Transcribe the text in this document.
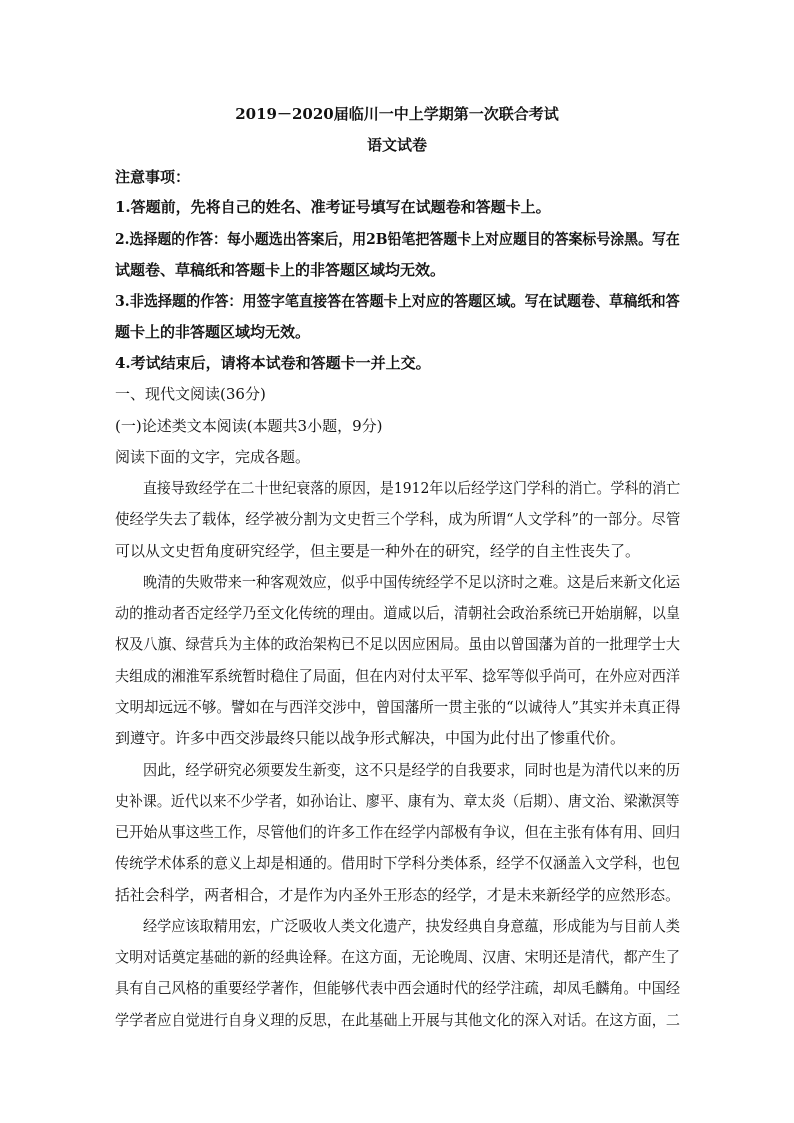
2019－2020届临川一中上学期第一次联合考试
语文试卷
注意事项：
1.答题前，先将自己的姓名、准考证号填写在试题卷和答题卡上。
2.选择题的作答：每小题选出答案后，用2B铅笔把答题卡上对应题目的答案标号涂黑。写在
试题卷、草稿纸和答题卡上的非答题区域均无效。
3.非选择题的作答：用签字笔直接答在答题卡上对应的答题区域。写在试题卷、草稿纸和答
题卡上的非答题区域均无效。
4.考试结束后，请将本试卷和答题卡一并上交。
一、现代文阅读(36分)
(一)论述类文本阅读(本题共3小题，9分)
阅读下面的文字，完成各题。
直接导致经学在二十世纪衰落的原因，是1912年以后经学这门学科的消亡。学科的消亡
使经学失去了载体，经学被分割为文史哲三个学科，成为所谓“人文学科”的一部分。尽管
可以从文史哲角度研究经学，但主要是一种外在的研究，经学的自主性丧失了。
晚清的失败带来一种客观效应，似乎中国传统经学不足以济时之难。这是后来新文化运
动的推动者否定经学乃至文化传统的理由。道咸以后，清朝社会政治系统已开始崩解，以皇
权及八旗、绿营兵为主体的政治架构已不足以因应困局。虽由以曾国藩为首的一批理学士大
夫组成的湘淮军系统暂时稳住了局面，但在内对付太平军、捻军等似乎尚可，在外应对西洋
文明却远远不够。譬如在与西洋交涉中，曾国藩所一贯主张的“以诚待人”其实并未真正得
到遵守。许多中西交涉最终只能以战争形式解决，中国为此付出了惨重代价。
因此，经学研究必须要发生新变，这不只是经学的自我要求，同时也是为清代以来的历
史补课。近代以来不少学者，如孙诒让、廖平、康有为、章太炎（后期）、唐文治、梁漱溟等
已开始从事这些工作，尽管他们的许多工作在经学内部极有争议，但在主张有体有用、回归
传统学术体系的意义上却是相通的。借用时下学科分类体系，经学不仅涵盖入文学科，也包
括社会科学，两者相合，才是作为内圣外王形态的经学，才是未来新经学的应然形态。
经学应该取精用宏，广泛吸收人类文化遗产，抉发经典自身意蕴，形成能为与目前人类
文明对话奠定基础的新的经典诠释。在这方面，无论晚周、汉唐、宋明还是清代，都产生了
具有自己风格的重要经学著作，但能够代表中西会通时代的经学注疏，却凤毛麟角。中国经
学学者应自觉进行自身义理的反思，在此基础上开展与其他文化的深入对话。在这方面，二
